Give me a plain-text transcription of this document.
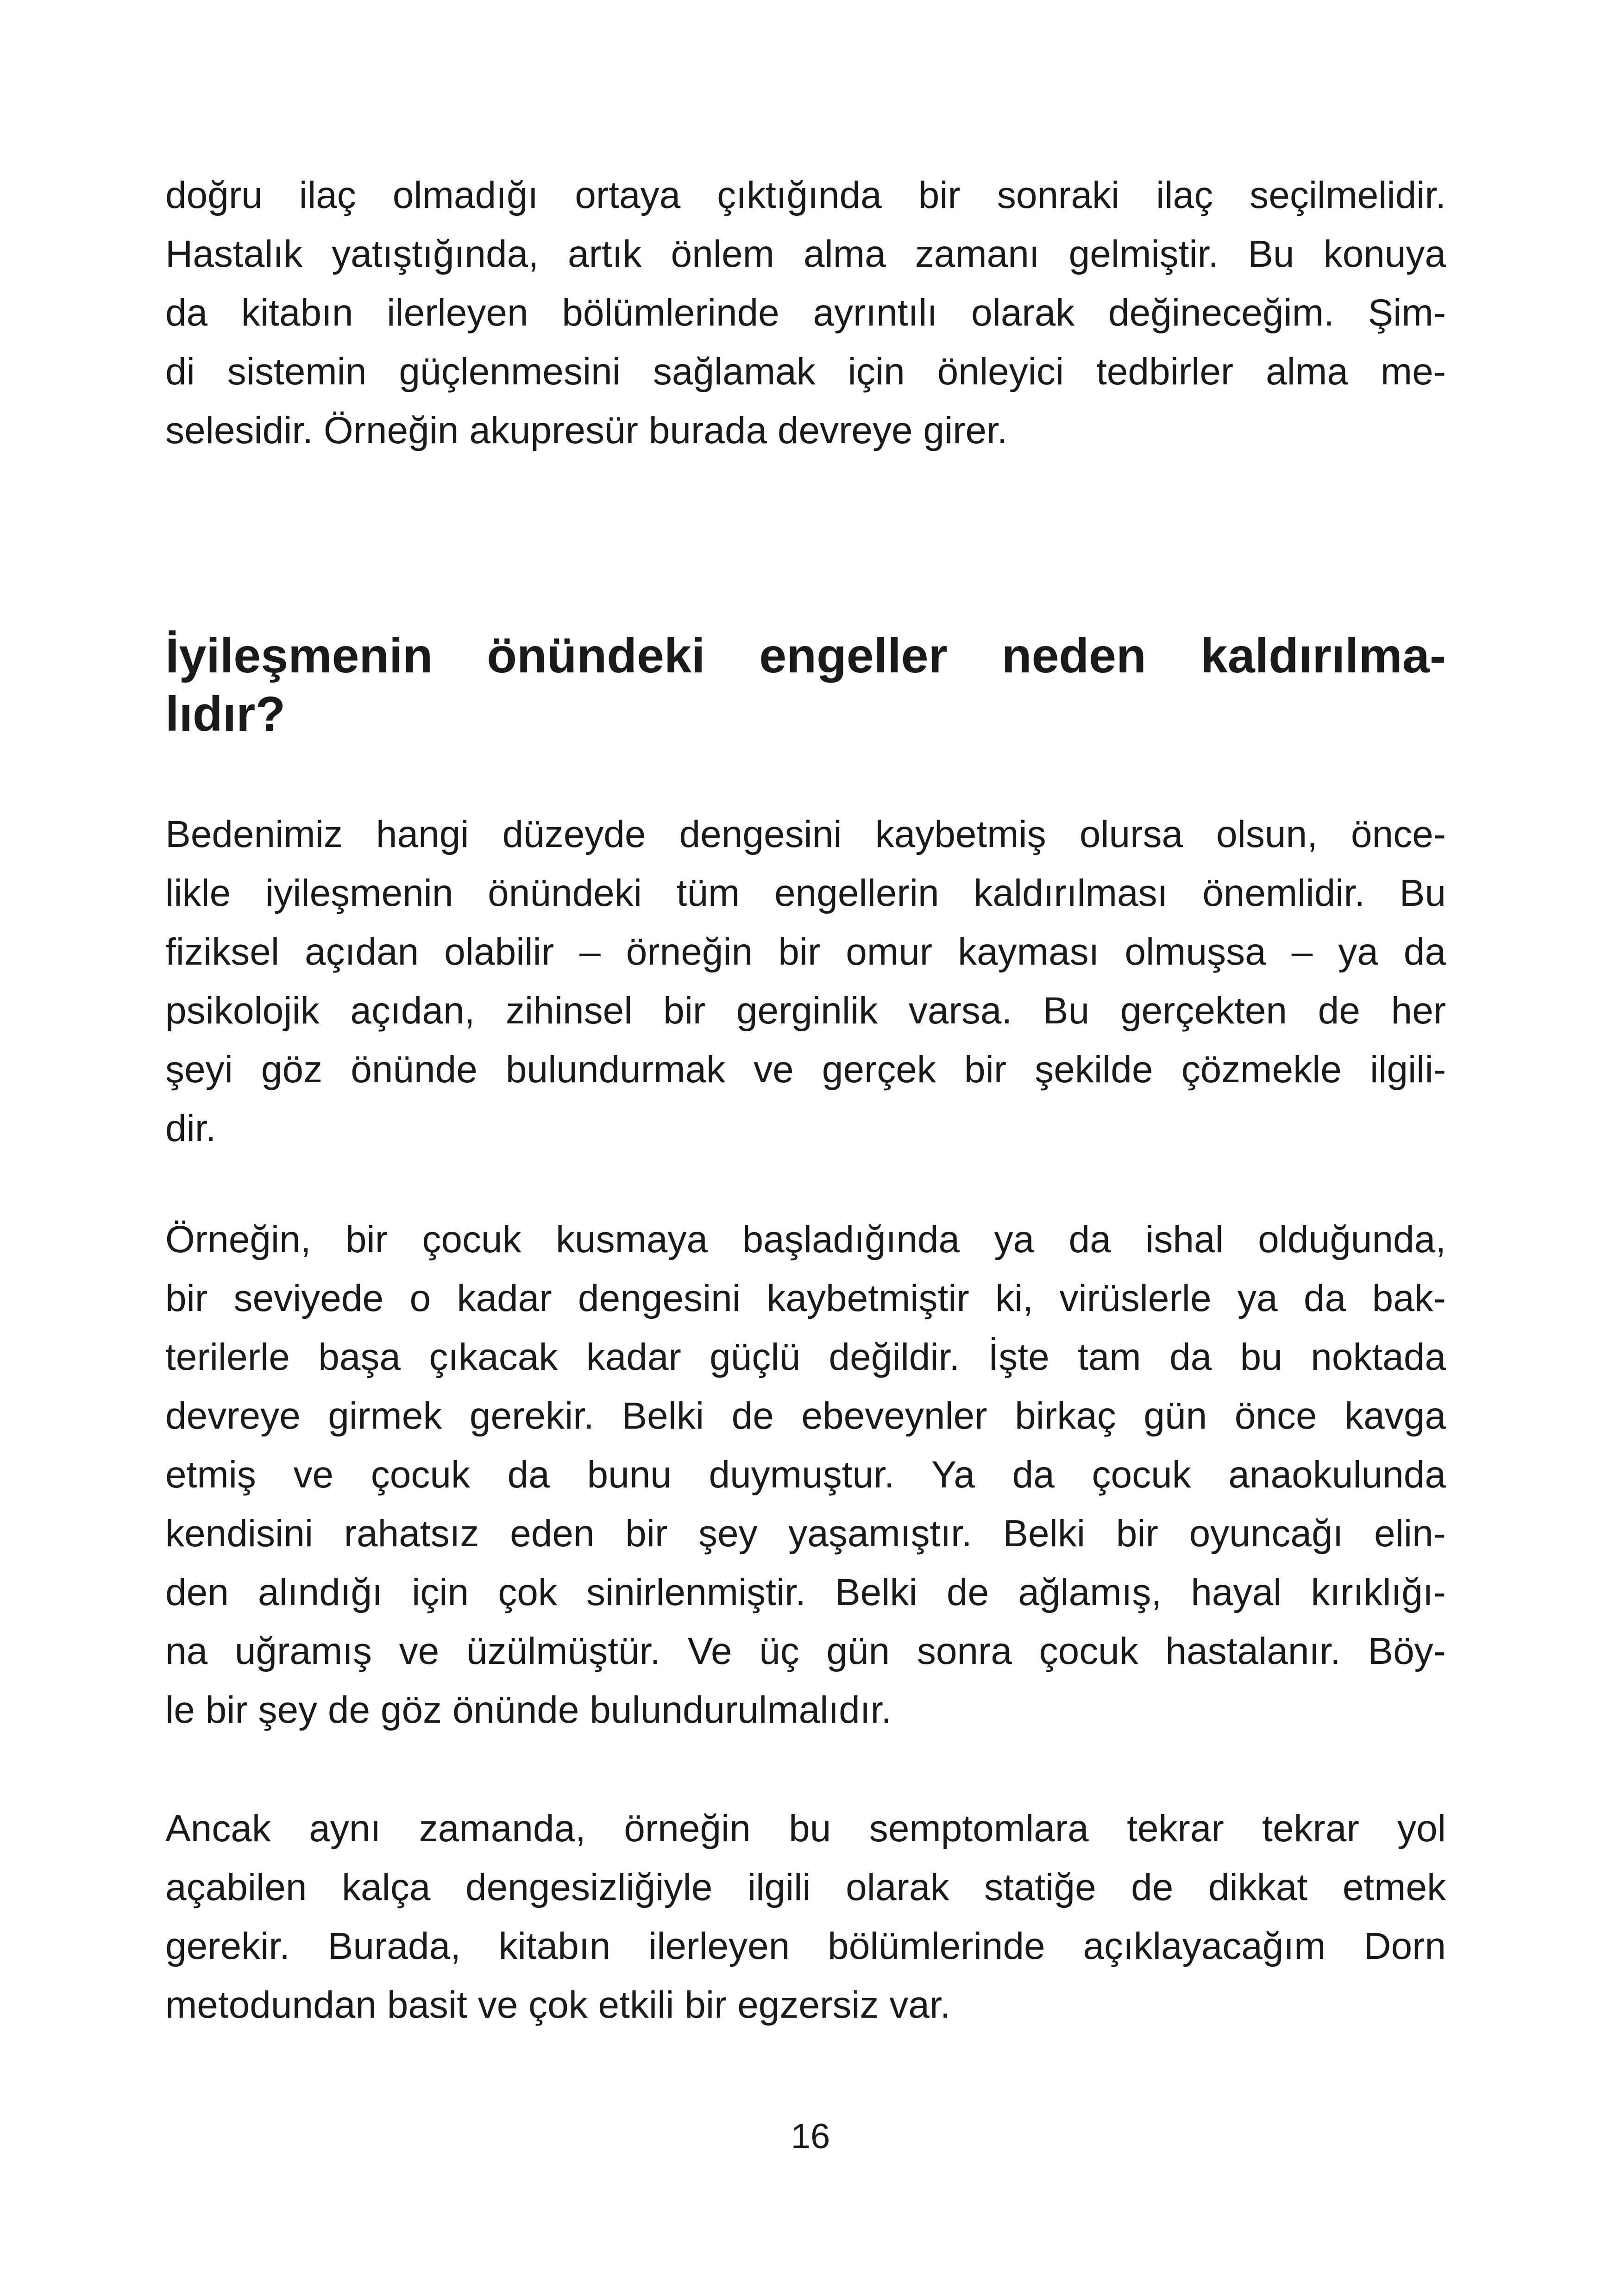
doğru ilaç olmadığı ortaya çıktığında bir sonraki ilaç seçilmelidir.
Hastalık yatıştığında, artık önlem alma zamanı gelmiştir. Bu konuya
da kitabın ilerleyen bölümlerinde ayrıntılı olarak değineceğim. Şim-
di sistemin güçlenmesini sağlamak için önleyici tedbirler alma me-
selesidir. Örneğin akupresür burada devreye girer.
İyileşmenin önündeki engeller neden kaldırılma-
lıdır?
Bedenimiz hangi düzeyde dengesini kaybetmiş olursa olsun, önce-
likle iyileşmenin önündeki tüm engellerin kaldırılması önemlidir. Bu
fiziksel açıdan olabilir – örneğin bir omur kayması olmuşsa – ya da
psikolojik açıdan, zihinsel bir gerginlik varsa. Bu gerçekten de her
şeyi göz önünde bulundurmak ve gerçek bir şekilde çözmekle ilgili-
dir.
Örneğin, bir çocuk kusmaya başladığında ya da ishal olduğunda,
bir seviyede o kadar dengesini kaybetmiştir ki, virüslerle ya da bak-
terilerle başa çıkacak kadar güçlü değildir. İşte tam da bu noktada
devreye girmek gerekir. Belki de ebeveynler birkaç gün önce kavga
etmiş ve çocuk da bunu duymuştur. Ya da çocuk anaokulunda
kendisini rahatsız eden bir şey yaşamıştır. Belki bir oyuncağı elin-
den alındığı için çok sinirlenmiştir. Belki de ağlamış, hayal kırıklığı-
na uğramış ve üzülmüştür. Ve üç gün sonra çocuk hastalanır. Böy-
le bir şey de göz önünde bulundurulmalıdır.
Ancak aynı zamanda, örneğin bu semptomlara tekrar tekrar yol
açabilen kalça dengesizliğiyle ilgili olarak statiğe de dikkat etmek
gerekir. Burada, kitabın ilerleyen bölümlerinde açıklayacağım Dorn
metodundan basit ve çok etkili bir egzersiz var.
16
